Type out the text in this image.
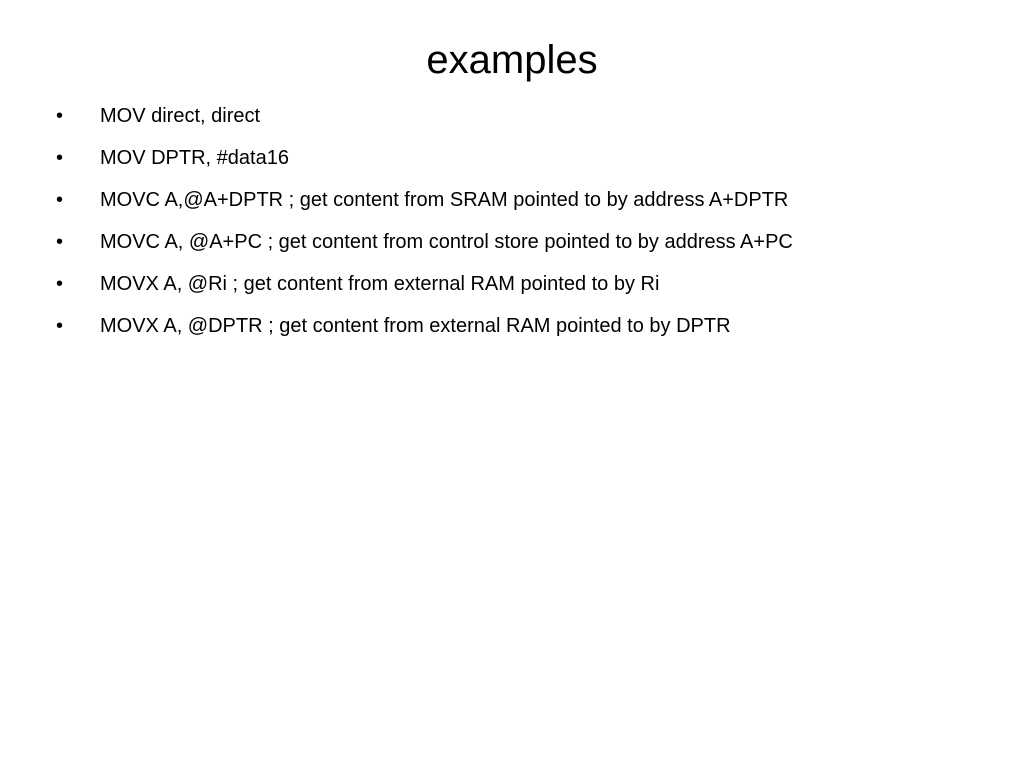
examples
•	MOV direct, direct
•	MOV DPTR, #data16
•	MOVC A,@A+DPTR ; get content from SRAM pointed to by address A+DPTR
•	MOVC A, @A+PC ; get content from control store pointed to by address A+PC
•	MOVX A, @Ri ; get content from external RAM pointed to by Ri
•	MOVX A, @DPTR ; get content from external RAM pointed to by DPTR
